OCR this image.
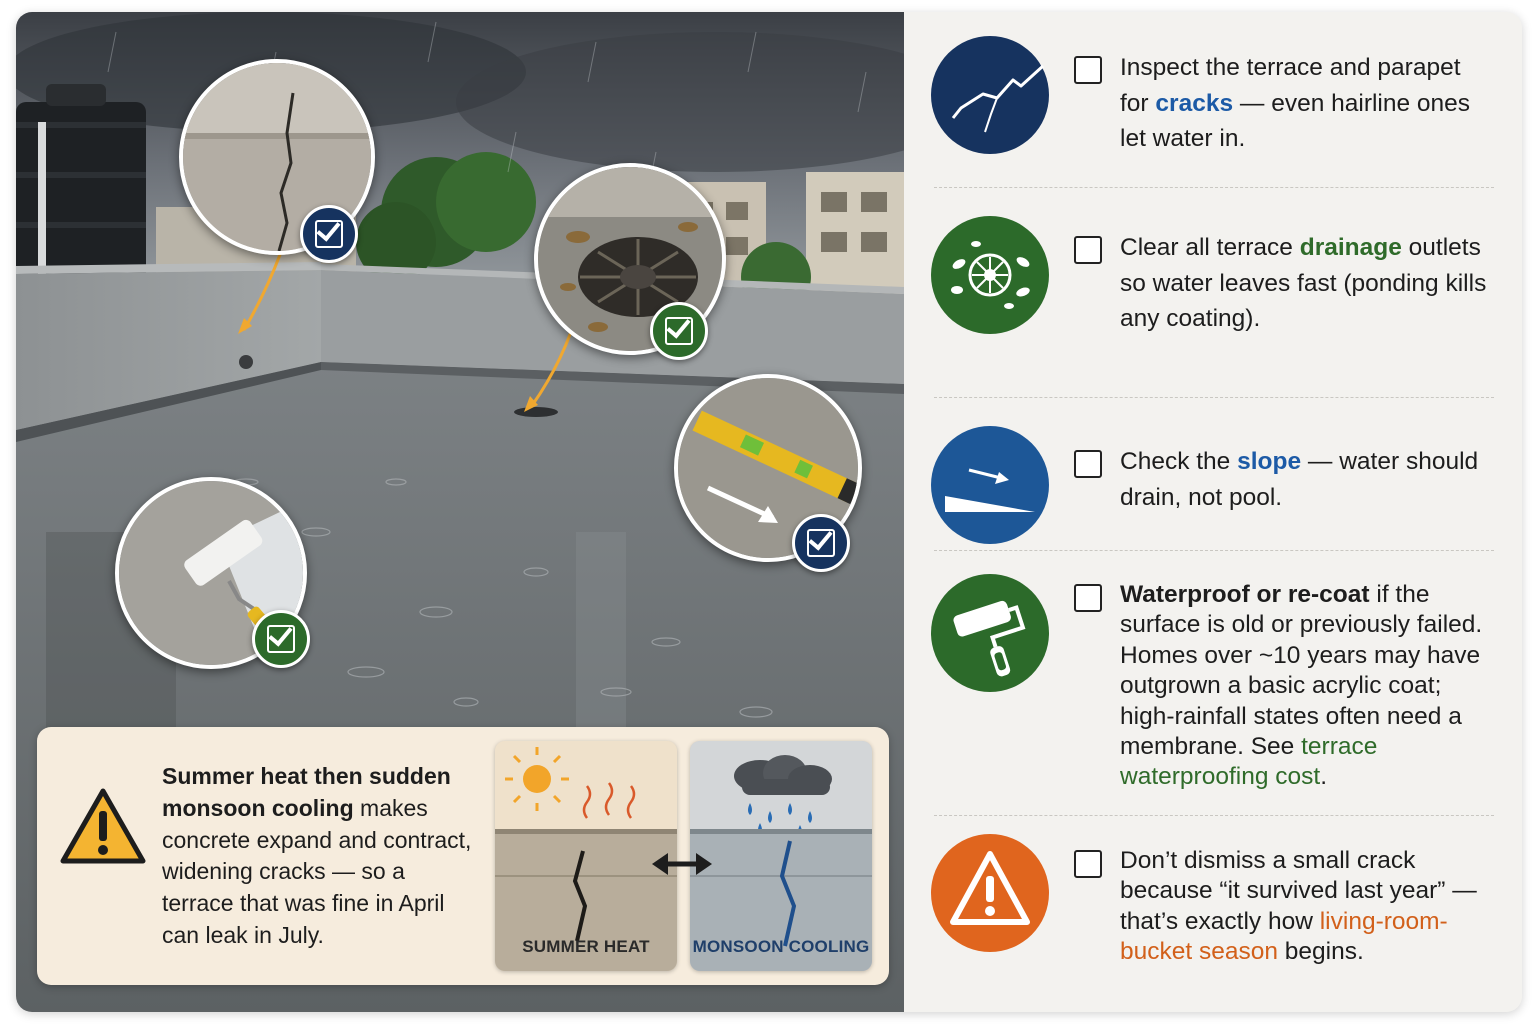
Summer heat then sudden monsoon cooling makes concrete expand and contract, widening cracks — so a terrace that was fine in April can leak in July.	SUMMER HEAT	MONSOON COOLING
Inspect the terrace and parapet for cracks — even hairline ones let water in.
Clear all terrace drainage outlets so water leaves fast (ponding kills any coating).
Check the slope — water should drain, not pool.
Waterproof or re-coat if the surface is old or previously failed. Homes over ~10 years may have outgrown a basic acrylic coat; high-rainfall states often need a membrane. See terrace waterproofing cost.
Don’t dismiss a small crack because “it survived last year” — that’s exactly how living-room-bucket season begins.
